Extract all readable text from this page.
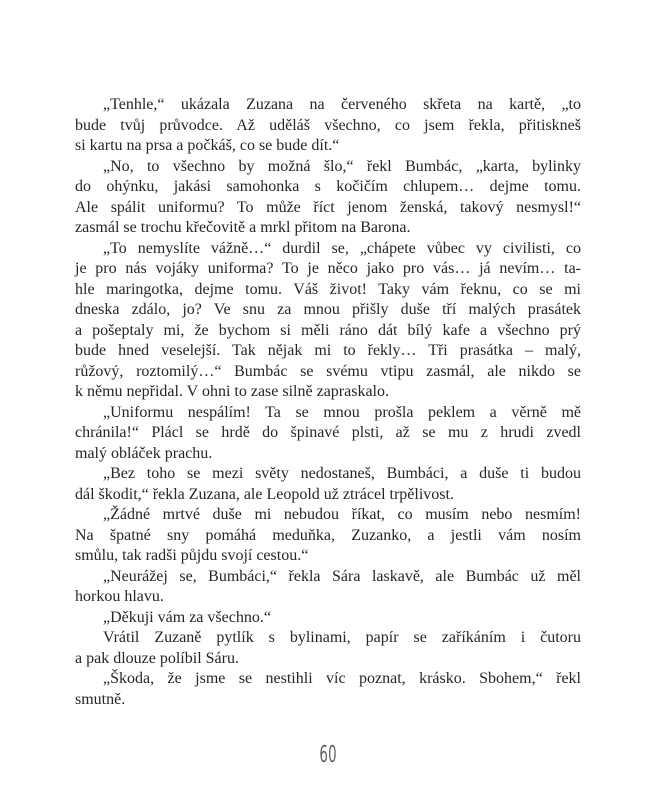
„Tenhle,“ ukázala Zuzana na červeného skřeta na kartě, „to
bude tvůj průvodce. Až uděláš všechno, co jsem řekla, přitiskneš
si kartu na prsa a počkáš, co se bude dít.“
„No, to všechno by možná šlo,“ řekl Bumbác, „karta, bylinky
do ohýnku, jakási samohonka s kočičím chlupem… dejme tomu.
Ale spálit uniformu? To může říct jenom ženská, takový nesmysl!“
zasmál se trochu křečovitě a mrkl přitom na Barona.
„To nemyslíte vážně…“ durdil se, „chápete vůbec vy civilisti, co
je pro nás vojáky uniforma? To je něco jako pro vás… já nevím… ta-
hle maringotka, dejme tomu. Váš život! Taky vám řeknu, co se mi
dneska zdálo, jo? Ve snu za mnou přišly duše tří malých prasátek
a pošeptaly mi, že bychom si měli ráno dát bílý kafe a všechno prý
bude hned veselejší. Tak nějak mi to řekly… Tři prasátka – malý,
růžový, roztomilý…“ Bumbác se svému vtipu zasmál, ale nikdo se
k němu nepřidal. V ohni to zase silně zapraskalo.
„Uniformu nespálím! Ta se mnou prošla peklem a věrně mě
chránila!“ Plácl se hrdě do špinavé plsti, až se mu z hrudi zvedl
malý obláček prachu.
„Bez toho se mezi světy nedostaneš, Bumbáci, a duše ti budou
dál škodit,“ řekla Zuzana, ale Leopold už ztrácel trpělivost.
„Žádné mrtvé duše mi nebudou říkat, co musím nebo nesmím!
Na špatné sny pomáhá meduňka, Zuzanko, a jestli vám nosím
smůlu, tak radši půjdu svojí cestou.“
„Neurážej se, Bumbáci,“ řekla Sára laskavě, ale Bumbác už měl
horkou hlavu.
„Děkuji vám za všechno.“
Vrátil Zuzaně pytlík s bylinami, papír se zaříkáním i čutoru
a pak dlouze políbil Sáru.
„Škoda, že jsme se nestihli víc poznat, krásko. Sbohem,“ řekl
smutně.
60
